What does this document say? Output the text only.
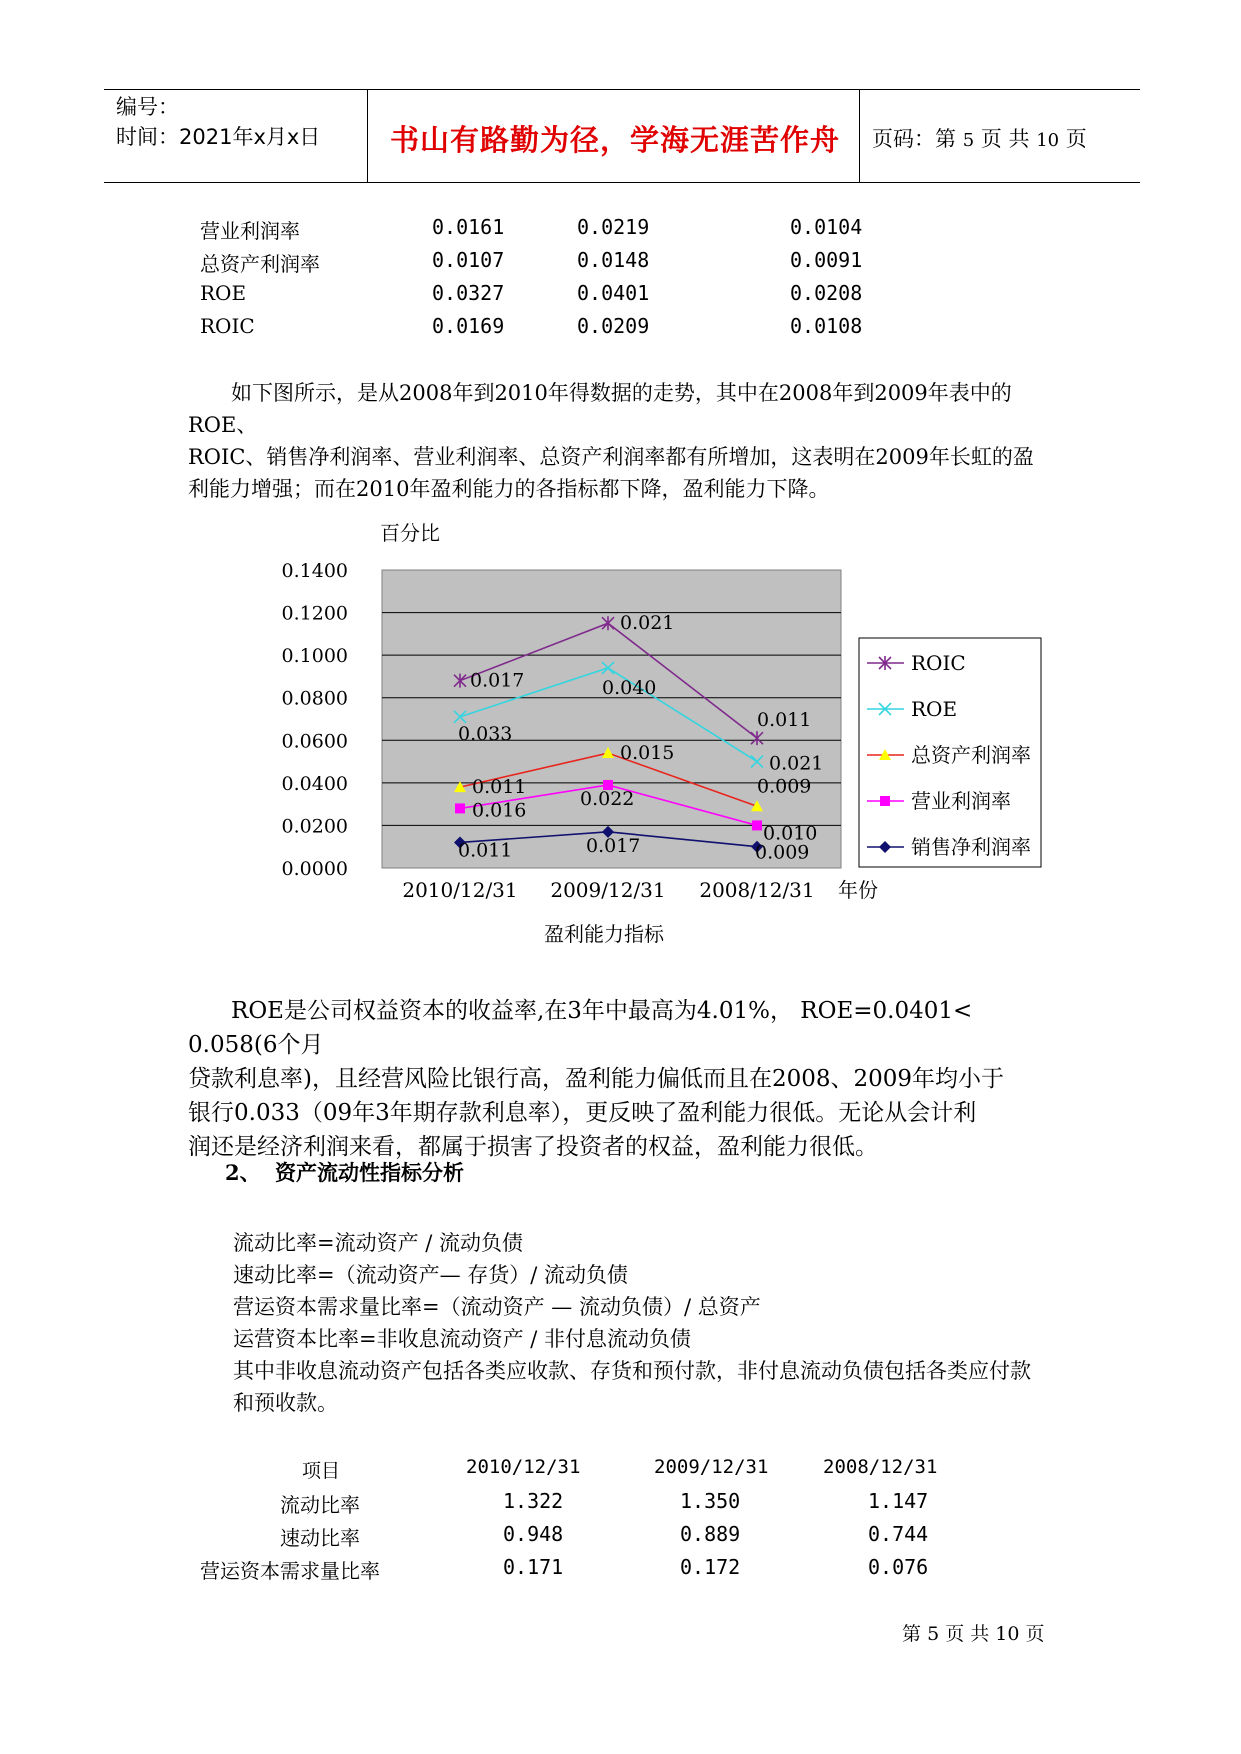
编号：
时间：2021年x月x日	书山有路勤为径，学海无涯苦作舟	页码：第 5 页 共 10 页
营业利润率	0.0161	0.0219	0.0104
总资产利润率	0.0107	0.0148	0.0091
ROE	0.0327	0.0401	0.0208
ROIC	0.0169	0.0209	0.0108
如下图所示，是从2008年到2010年得数据的走势，其中在2008年到2009年表中的ROE、
ROIC、销售净利润率、营业利润率、总资产利润率都有所增加，这表明在2009年长虹的盈
利能力增强；而在2010年盈利能力的各指标都下降，盈利能力下降。
百分比
0.1400
0.1200
0.1000
0.0800
0.0600
0.0400
0.0200
0.0000
2010/12/31 2009/12/31 2008/12/31
0.017
0.021
0.011
0.033
0.040
0.021
0.011
0.015
0.009
0.016
0.022
0.010
0.011	0.017	0.009
年份
盈利能力指标
ROIC
ROE
总资产利润率
营业利润率
销售净利润率
ROE是公司权益资本的收益率,在3年中最高为4.01%， ROE=0.0401< 0.058(6个月
贷款利息率)，且经营风险比银行高，盈利能力偏低而且在2008、2009年均小于
银行0.033（09年3年期存款利息率），更反映了盈利能力很低。无论从会计利
润还是经济利润来看，都属于损害了投资者的权益，盈利能力很低。
2、 资产流动性指标分析
流动比率=流动资产 / 流动负债
速动比率=（流动资产— 存货）/ 流动负债
营运资本需求量比率=（流动资产 — 流动负债）/ 总资产
运营资本比率=非收息流动资产 / 非付息流动负债
其中非收息流动资产包括各类应收款、存货和预付款，非付息流动负债包括各类应付款
和预收款。
项目	2010/12/31	2009/12/31	2008/12/31
流动比率	1.322	1.350	1.147
速动比率	0.948	0.889	0.744
营运资本需求量比率	0.171	0.172	0.076
第 5 页 共 10 页
